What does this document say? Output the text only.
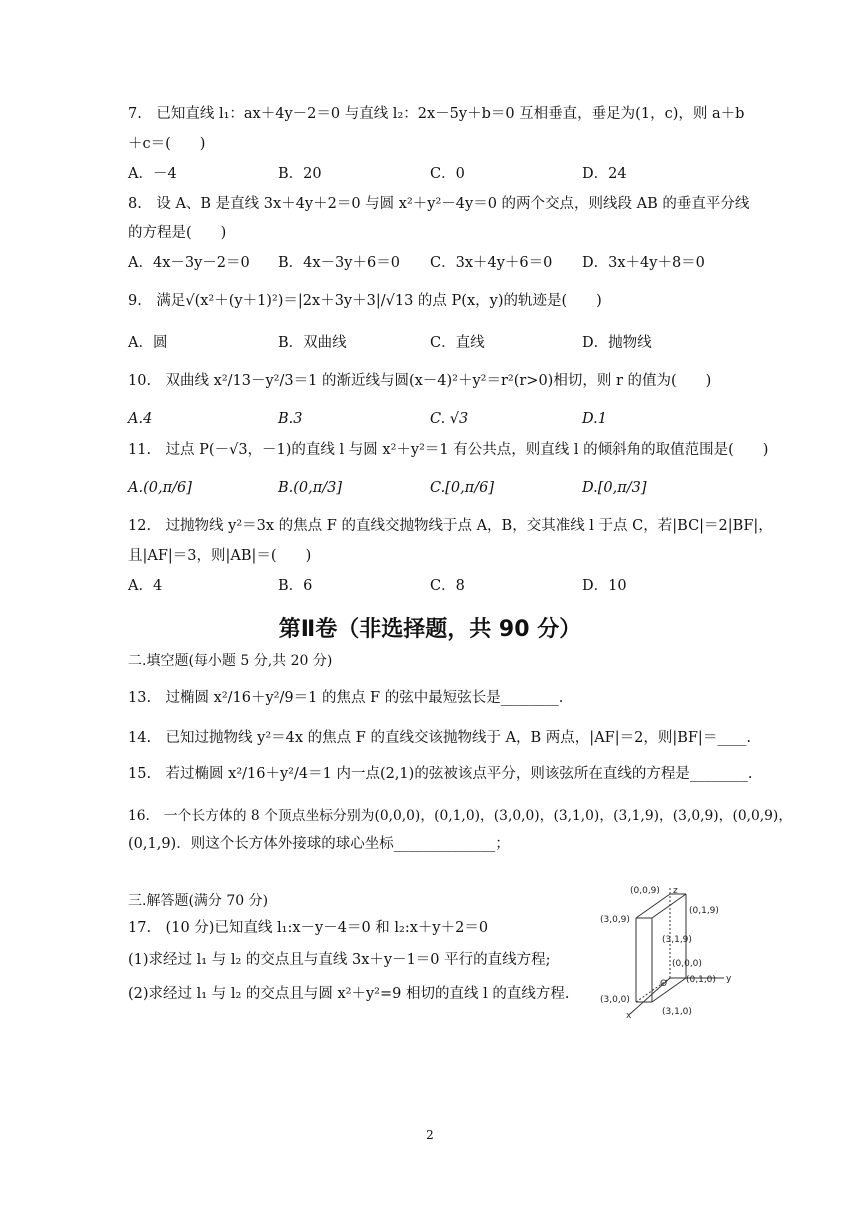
7.　已知直线 l₁：ax＋4y－2＝0 与直线 l₂：2x－5y＋b＝0 互相垂直，垂足为(1，c)，则 a＋b
＋c＝(　　)
A．－4	B．20	C．0	D．24
8.　设 A、B 是直线 3x＋4y＋2＝0 与圆 x²＋y²－4y＝0 的两个交点，则线段 AB 的垂直平分线
的方程是(　　)
A．4x－3y－2＝0 B．4x－3y＋6＝0 C．3x＋4y＋6＝0 D．3x＋4y＋8＝0
9.　满足√(x²＋(y＋1)²)＝|2x＋3y＋3|/√13 的点 P(x，y)的轨迹是(　　)
A．圆	B．双曲线	C．直线	D．抛物线
10.　双曲线 x²/13－y²/3＝1 的渐近线与圆(x－4)²＋y²＝r²(r>0)相切，则 r 的值为(　　)
A.4	B.3	C. √3	D.1
11.　过点 P(－√3，－1)的直线 l 与圆 x²＋y²＝1 有公共点，则直线 l 的倾斜角的取值范围是(　　)
A.(0,π/6]	B.(0,π/3]	C.[0,π/6]	D.[0,π/3]
12.　过抛物线 y²＝3x 的焦点 F 的直线交抛物线于点 A，B，交其准线 l 于点 C，若|BC|＝2|BF|，
且|AF|＝3，则|AB|＝(　　)
A．4	B．6	C．8	D．10
第Ⅱ卷（非选择题，共 90 分）
二.填空题(每小题 5 分,共 20 分)
13.　过椭圆 x²/16＋y²/9＝1 的焦点 F 的弦中最短弦长是________.
14.　已知过抛物线 y²＝4x 的焦点 F 的直线交该抛物线于 A，B 两点，|AF|＝2，则|BF|＝____.
15.　若过椭圆 x²/16＋y²/4＝1 内一点(2,1)的弦被该点平分，则该弦所在直线的方程是________.
16.　一个长方体的 8 个顶点坐标分别为(0,0,0)，(0,1,0)，(3,0,0)，(3,1,0)，(3,1,9)，(3,0,9)，(0,0,9)，
(0,1,9)．则这个长方体外接球的球心坐标______________；
三.解答题(满分 70 分)
17.　(10 分)已知直线 l₁:x－y－4＝0 和 l₂:x＋y＋2＝0
(1)求经过 l₁ 与 l₂ 的交点且与直线 3x＋y－1＝0 平行的直线方程;
(2)求经过 l₁ 与 l₂ 的交点且与圆 x²＋y²=9 相切的直线 l 的直线方程.
z
y
x
O
(0,0,9)
(0,1,9)
(3,0,9)
(3,1,9)
(0,0,0)
(0,1,0)
(3,0,0)
(3,1,0)
2
